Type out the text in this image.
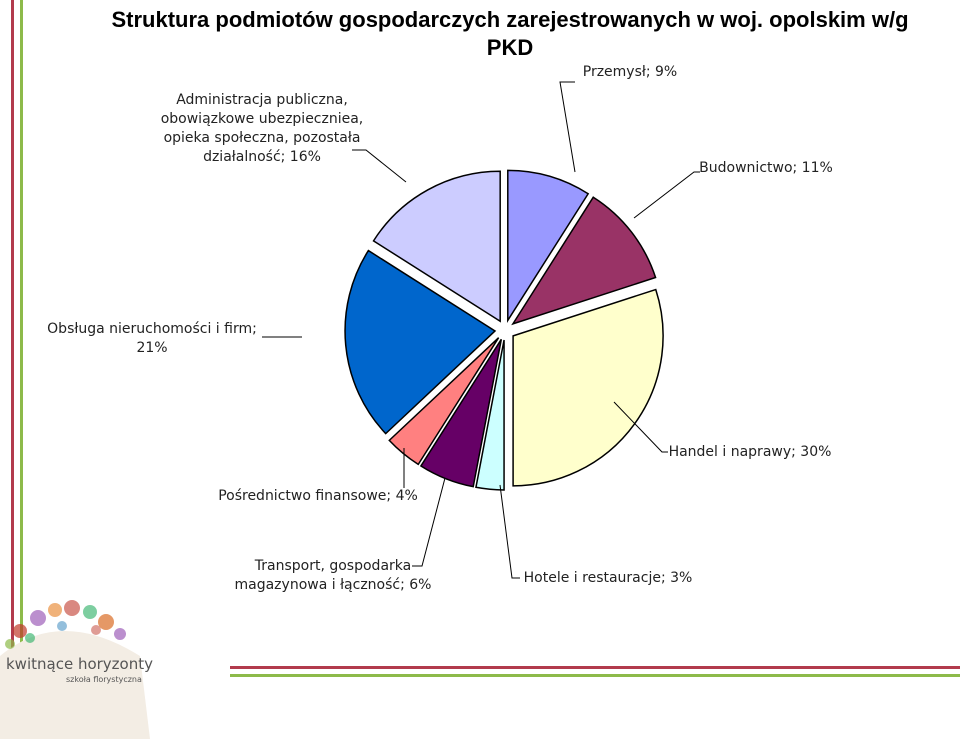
Struktura podmiotów gospodarczych zarejestrowanych w woj. opolskim w/g
PKD
Przemysł; 9%
Budownictwo; 11%
Handel i naprawy; 30%
Hotele i restauracje; 3%
Transport, gospodarka magazynowa i łączność; 6%
Pośrednictwo finansowe; 4%
Obsługa nieruchomości i firm; 21%
Administracja publiczna, obowiązkowe ubezpieczniea, opieka społeczna, pozostała działalność; 16%
kwitnące horyzonty
szkoła florystyczna
